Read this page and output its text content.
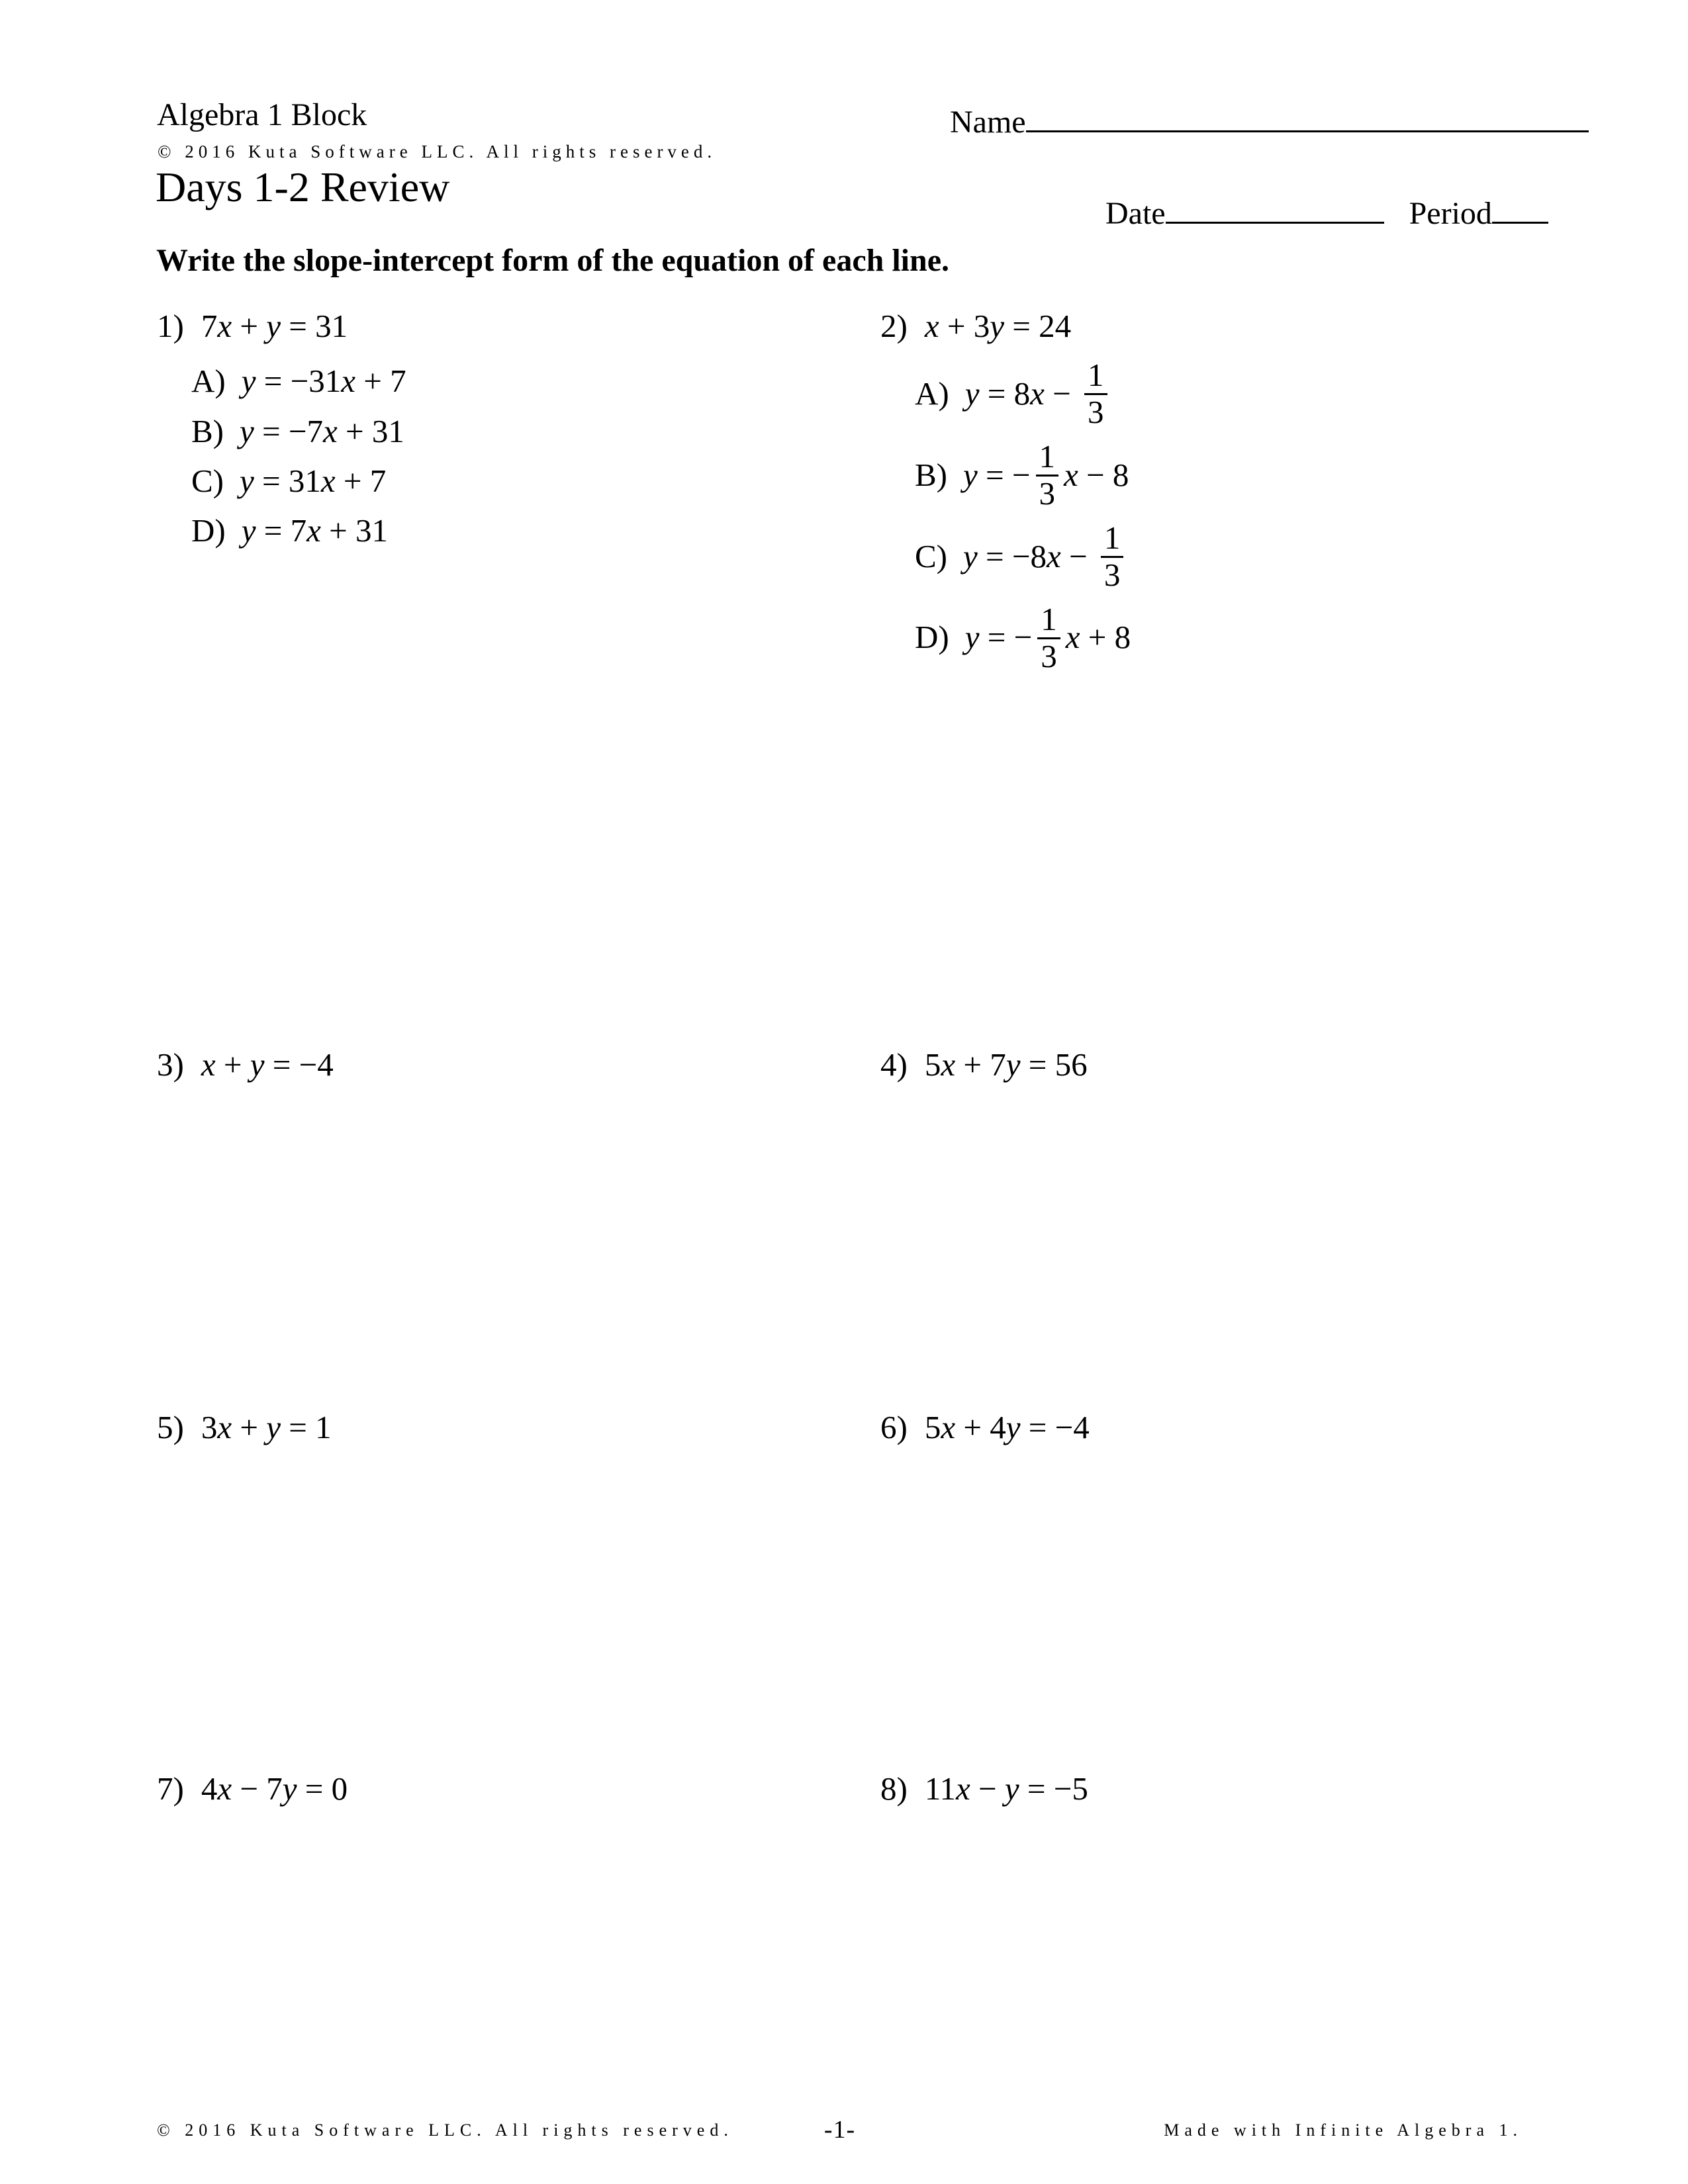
Algebra 1 Block	Name
© 2016 Kuta Software LLC. All rights reserved.
Days 1-2 Review
Date	Period
Write the slope-intercept form of the equation of each line.
1) 7x + y = 31
A) y = −31x + 7
B) y = −7x + 31
C) y = 31x + 7
D) y = 7x + 31
2) x + 3y = 24
A) $y = 8x - \frac{1}{3}$
B) y = − $\frac{1}{3}$ x − 8
C) $y = -8x - \frac{1}{3}$
D) y = − $\frac{1}{3}$ x + 8
3) x + y = −4	4) 5x + 7y = 56
5) 3x + y = 1	6) 5x + 4y = −4
7) 4x − 7y = 0	8) 11x − y = −5
© 2016 Kuta Software LLC. All rights reserved.	-1-	Made with Infinite Algebra 1.
